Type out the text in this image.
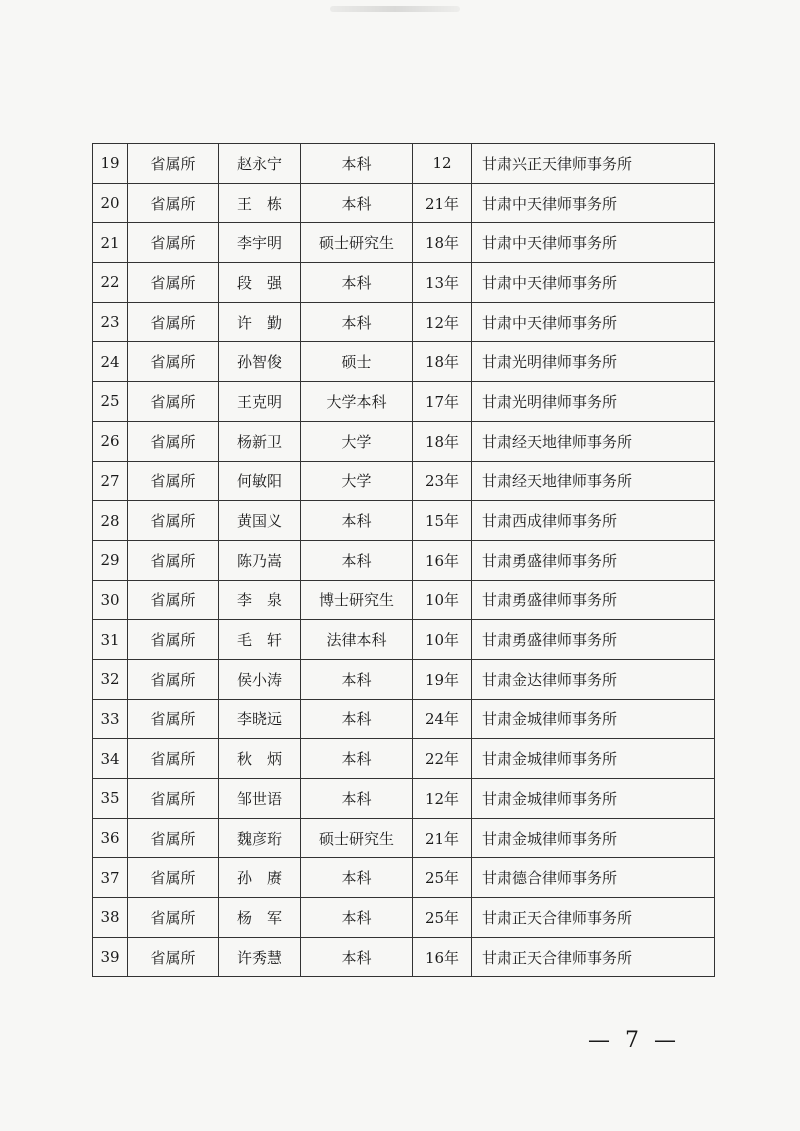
19	省属所	赵永宁	本科	12	甘肃兴正天律师事务所
20	省属所	王　栋	本科	21年	甘肃中天律师事务所
21	省属所	李宇明	硕士研究生	18年	甘肃中天律师事务所
22	省属所	段　强	本科	13年	甘肃中天律师事务所
23	省属所	许　勤	本科	12年	甘肃中天律师事务所
24	省属所	孙智俊	硕士	18年	甘肃光明律师事务所
25	省属所	王克明	大学本科	17年	甘肃光明律师事务所
26	省属所	杨新卫	大学	18年	甘肃经天地律师事务所
27	省属所	何敏阳	大学	23年	甘肃经天地律师事务所
28	省属所	黄国义	本科	15年	甘肃西成律师事务所
29	省属所	陈乃嵩	本科	16年	甘肃勇盛律师事务所
30	省属所	李　泉	博士研究生	10年	甘肃勇盛律师事务所
31	省属所	毛　轩	法律本科	10年	甘肃勇盛律师事务所
32	省属所	侯小涛	本科	19年	甘肃金达律师事务所
33	省属所	李晓远	本科	24年	甘肃金城律师事务所
34	省属所	秋　炳	本科	22年	甘肃金城律师事务所
35	省属所	邹世语	本科	12年	甘肃金城律师事务所
36	省属所	魏彦珩	硕士研究生	21年	甘肃金城律师事务所
37	省属所	孙　赓	本科	25年	甘肃德合律师事务所
38	省属所	杨　军	本科	25年	甘肃正天合律师事务所
39	省属所	许秀慧	本科	16年	甘肃正天合律师事务所
— 7 —
